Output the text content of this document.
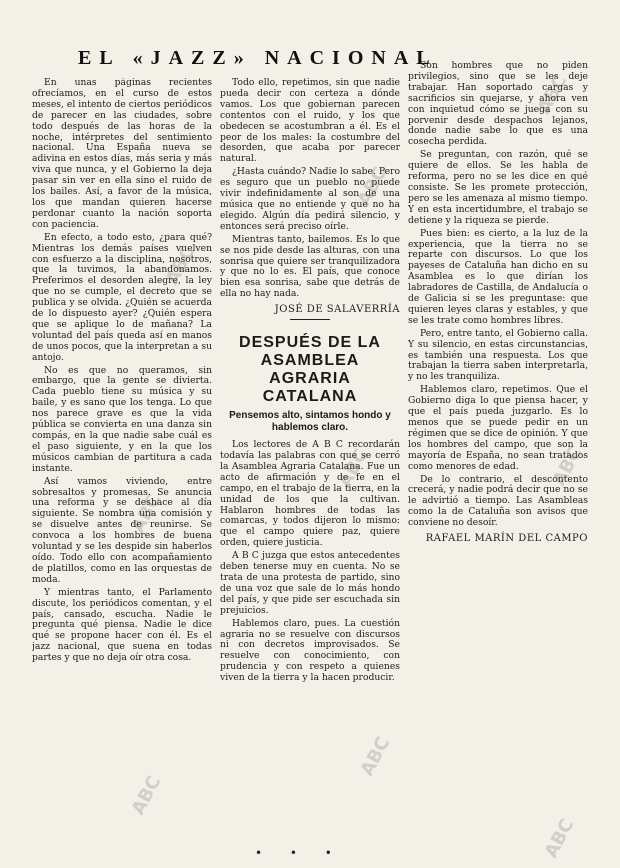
EL «JAZZ» NACIONAL

En unas páginas recientes ofrecíamos, en el curso de estos meses, el intento de ciertos periódicos de parecer en las ciudades, sobre todo después de las horas de la noche, intérpretes del sentimiento nacional. Una España nueva se adivina en estos días, más seria y más viva que nunca, y el Gobierno la deja pasar sin ver en ella sino el ruido de los bailes. Así, a favor de la música, los que mandan quieren hacerse perdonar cuanto la nación soporta con paciencia.

En efecto, a todo esto, ¿para qué? Mientras los demás países vuelven con esfuerzo a la disciplina, nosotros, que la tuvimos, la abandonamos. Preferimos el desorden alegre, la ley que no se cumple, el decreto que se publica y se olvida. ¿Quién se acuerda de lo dispuesto ayer? ¿Quién espera que se aplique lo de mañana? La voluntad del país queda así en manos de unos pocos, que la interpretan a su antojo.

No es que no queramos, sin embargo, que la gente se divierta. Cada pueblo tiene su música y su baile, y es sano que los tenga. Lo que nos parece grave es que la vida pública se convierta en una danza sin compás, en la que nadie sabe cuál es el paso siguiente, y en la que los músicos cambian de partitura a cada instante.

Así vamos viviendo, entre sobresaltos y promesas. Se anuncia una reforma y se deshace al día siguiente. Se nombra una comisión y se disuelve antes de reunirse. Se convoca a los hombres de buena voluntad y se les despide sin haberlos oído. Todo ello con acompañamiento de platillos, como en las orquestas de moda.

Y mientras tanto, el Parlamento discute, los periódicos comentan, y el país, cansado, escucha. Nadie le pregunta qué piensa. Nadie le dice qué se propone hacer con él. Es el jazz nacional, que suena en todas partes y que no deja oír otra cosa.

Todo ello, repetimos, sin que nadie pueda decir con certeza a dónde vamos. Los que gobiernan parecen contentos con el ruido, y los que obedecen se acostumbran a él. Es el peor de los males: la costumbre del desorden, que acaba por parecer natural.

¿Hasta cuándo? Nadie lo sabe. Pero es seguro que un pueblo no puede vivir indefinidamente al son de una música que no entiende y que no ha elegido. Algún día pedirá silencio, y entonces será preciso oírle.

Mientras tanto, bailemos. Es lo que se nos pide desde las alturas, con una sonrisa que quiere ser tranquilizadora y que no lo es. El país, que conoce bien esa sonrisa, sabe que detrás de ella no hay nada.

JOSÉ DE SALAVERRÍA
DESPUÉS DE LA ASAMBLEA AGRARIA CATALANA
Pensemos alto, sintamos hondo y hablemos claro.

Los lectores de A B C recordarán todavía las palabras con que se cerró la Asamblea Agraria Catalana. Fue un acto de afirmación y de fe en el campo, en el trabajo de la tierra, en la unidad de los que la cultivan. Hablaron hombres de todas las comarcas, y todos dijeron lo mismo: que el campo quiere paz, quiere orden, quiere justicia.

A B C juzga que estos antecedentes deben tenerse muy en cuenta. No se trata de una protesta de partido, sino de una voz que sale de lo más hondo del país, y que pide ser escuchada sin prejuicios.

Hablemos claro, pues. La cuestión agraria no se resuelve con discursos ni con decretos improvisados. Se resuelve con conocimiento, con prudencia y con respeto a quienes viven de la tierra y la hacen producir.

Son hombres que no piden privilegios, sino que se les deje trabajar. Han soportado cargas y sacrificios sin quejarse, y ahora ven con inquietud cómo se juega con su porvenir desde despachos lejanos, donde nadie sabe lo que es una cosecha perdida.

Se preguntan, con razón, qué se quiere de ellos. Se les habla de reforma, pero no se les dice en qué consiste. Se les promete protección, pero se les amenaza al mismo tiempo. Y en esta incertidumbre, el trabajo se detiene y la riqueza se pierde.

Pues bien: es cierto, a la luz de la experiencia, que la tierra no se reparte con discursos. Lo que los payeses de Cataluña han dicho en su Asamblea es lo que dirían los labradores de Castilla, de Andalucía o de Galicia si se les preguntase: que quieren leyes claras y estables, y que se les trate como hombres libres.

Pero, entre tanto, el Gobierno calla. Y su silencio, en estas circunstancias, es también una respuesta. Los que trabajan la tierra saben interpretarla, y no les tranquiliza.

Hablemos claro, repetimos. Que el Gobierno diga lo que piensa hacer, y que el país pueda juzgarlo. Es lo menos que se puede pedir en un régimen que se dice de opinión. Y que los hombres del campo, que son la mayoría de España, no sean tratados como menores de edad.

De lo contrario, el descontento crecerá, y nadie podrá decir que no se le advirtió a tiempo. Las Asambleas como la de Cataluña son avisos que conviene no desoír.

RAFAEL MARÍN DEL CAMPO
ABC
ABC
ABC
ABC
ABC	ABC
ABC
ABC
ABC
• • •
